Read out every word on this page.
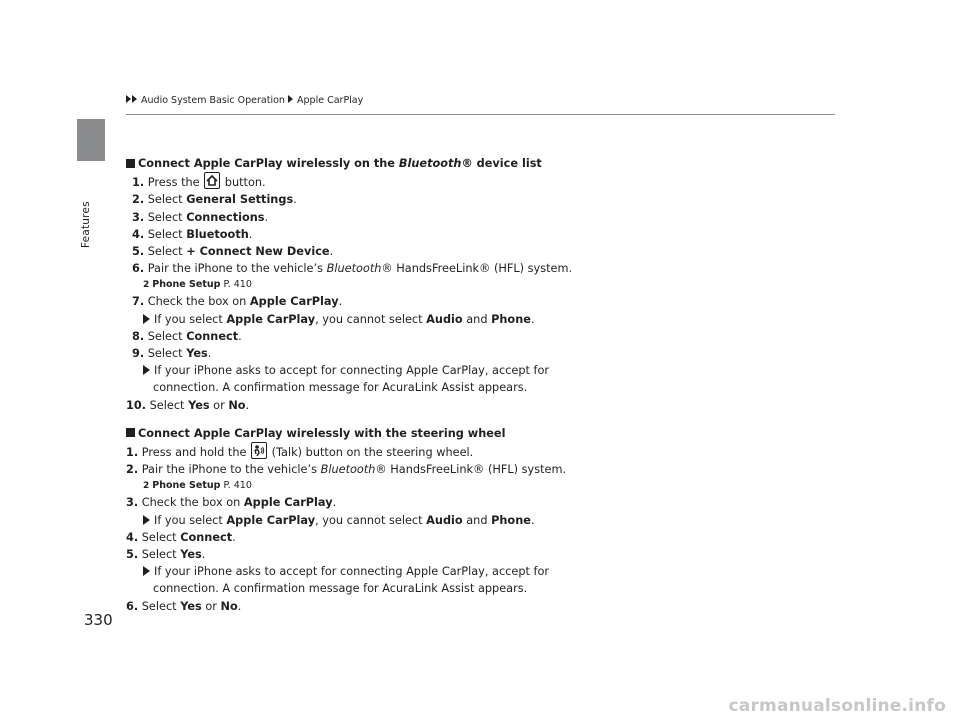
Audio System Basic Operation Apple CarPlay
Features
Connect Apple CarPlay wirelessly on the Bluetooth® device list
1. Press the
button.
2. Select General Settings.
3. Select Connections.
4. Select Bluetooth.
5. Select + Connect New Device.
6. Pair the iPhone to the vehicle’s Bluetooth® HandsFreeLink® (HFL) system.
2 Phone Setup P. 410
7. Check the box on Apple CarPlay.
If you select Apple CarPlay, you cannot select Audio and Phone.
8. Select Connect.
9. Select Yes.
If your iPhone asks to accept for connecting Apple CarPlay, accept for
connection. A confirmation message for AcuraLink Assist appears.
10. Select Yes or No.
Connect Apple CarPlay wirelessly with the steering wheel
1. Press and hold the
(Talk) button on the steering wheel.
2. Pair the iPhone to the vehicle’s Bluetooth® HandsFreeLink® (HFL) system.
2 Phone Setup P. 410
3. Check the box on Apple CarPlay.
If you select Apple CarPlay, you cannot select Audio and Phone.
4. Select Connect.
5. Select Yes.
If your iPhone asks to accept for connecting Apple CarPlay, accept for
connection. A confirmation message for AcuraLink Assist appears.
6. Select Yes or No.
330
carmanualsonline.info
